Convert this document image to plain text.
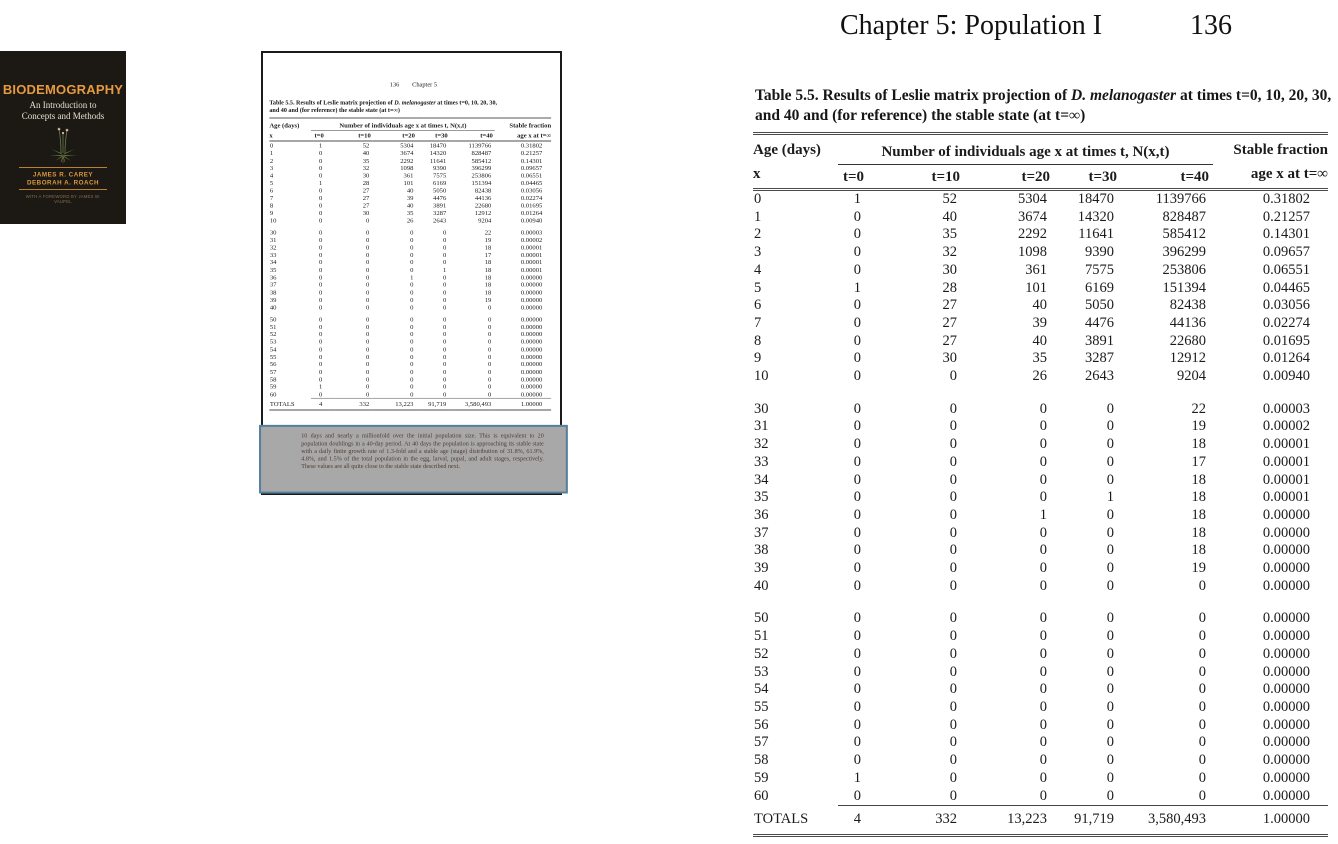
BIODEMOGRAPHY
An Introduction to
Concepts and Methods
JAMES R. CAREY
DEBORAH A. ROACH
WITH A FOREWORD BY JAMES W. VAUPEL
136 Chapter 5
Table 5.5. Results of Leslie matrix projection of D. melanogaster at times t=0, 10, 20, 30,
and 40 and (for reference) the stable state (at t=∞)
Age (days)
x
	Number of individuals age x at times t, N(x,t)	Stable fraction
age x at t=∞

	t=0	t=10	t=20	t=30	t=40	
0	1	52	5304	18470	1139766	0.31802
1	0	40	3674	14320	828487	0.21257
2	0	35	2292	11641	585412	0.14301
3	0	32	1098	9390	396299	0.09657
4	0	30	361	7575	253806	0.06551
5	1	28	101	6169	151394	0.04465
6	0	27	40	5050	82438	0.03056
7	0	27	39	4476	44136	0.02274
8	0	27	40	3891	22680	0.01695
9	0	30	35	3287	12912	0.01264
10	0	0	26	2643	9204	0.00940

30	0	0	0	0	22	0.00003
31	0	0	0	0	19	0.00002
32	0	0	0	0	18	0.00001
33	0	0	0	0	17	0.00001
34	0	0	0	0	18	0.00001
35	0	0	0	1	18	0.00001
36	0	0	1	0	18	0.00000
37	0	0	0	0	18	0.00000
38	0	0	0	0	18	0.00000
39	0	0	0	0	19	0.00000
40	0	0	0	0	0	0.00000

50	0	0	0	0	0	0.00000
51	0	0	0	0	0	0.00000
52	0	0	0	0	0	0.00000
53	0	0	0	0	0	0.00000
54	0	0	0	0	0	0.00000
55	0	0	0	0	0	0.00000
56	0	0	0	0	0	0.00000
57	0	0	0	0	0	0.00000
58	0	0	0	0	0	0.00000
59	1	0	0	0	0	0.00000
60	0	0	0	0	0	0.00000
TOTALS	4	332	13,223	91,719	3,580,493	1.00000
10 days and nearly a millionfold over the initial population size. This is equivalent to 20 population doublings in a 40-day period. At 40 days the population is approaching its stable state with a daily finite growth rate of 1.3-fold and a stable age (stage) distribution of 31.8%, 61.9%, 4.8%, and 1.5% of the total population in the egg, larval, pupal, and adult stages, respectively. These values are all quite close to the stable state described next.
Chapter 5: Population I	136
Table 5.5. Results of Leslie matrix projection of D. melanogaster at times t=0, 10, 20, 30,
and 40 and (for reference) the stable state (at t=∞)
Age (days)
x
	Number of individuals age x at times t, N(x,t)	Stable fraction
age x at t=∞

	t=0	t=10	t=20	t=30	t=40	
0	1	52	5304	18470	1139766	0.31802
1	0	40	3674	14320	828487	0.21257
2	0	35	2292	11641	585412	0.14301
3	0	32	1098	9390	396299	0.09657
4	0	30	361	7575	253806	0.06551
5	1	28	101	6169	151394	0.04465
6	0	27	40	5050	82438	0.03056
7	0	27	39	4476	44136	0.02274
8	0	27	40	3891	22680	0.01695
9	0	30	35	3287	12912	0.01264
10	0	0	26	2643	9204	0.00940

30	0	0	0	0	22	0.00003
31	0	0	0	0	19	0.00002
32	0	0	0	0	18	0.00001
33	0	0	0	0	17	0.00001
34	0	0	0	0	18	0.00001
35	0	0	0	1	18	0.00001
36	0	0	1	0	18	0.00000
37	0	0	0	0	18	0.00000
38	0	0	0	0	18	0.00000
39	0	0	0	0	19	0.00000
40	0	0	0	0	0	0.00000

50	0	0	0	0	0	0.00000
51	0	0	0	0	0	0.00000
52	0	0	0	0	0	0.00000
53	0	0	0	0	0	0.00000
54	0	0	0	0	0	0.00000
55	0	0	0	0	0	0.00000
56	0	0	0	0	0	0.00000
57	0	0	0	0	0	0.00000
58	0	0	0	0	0	0.00000
59	1	0	0	0	0	0.00000
60	0	0	0	0	0	0.00000
TOTALS	4	332	13,223	91,719	3,580,493	1.00000
